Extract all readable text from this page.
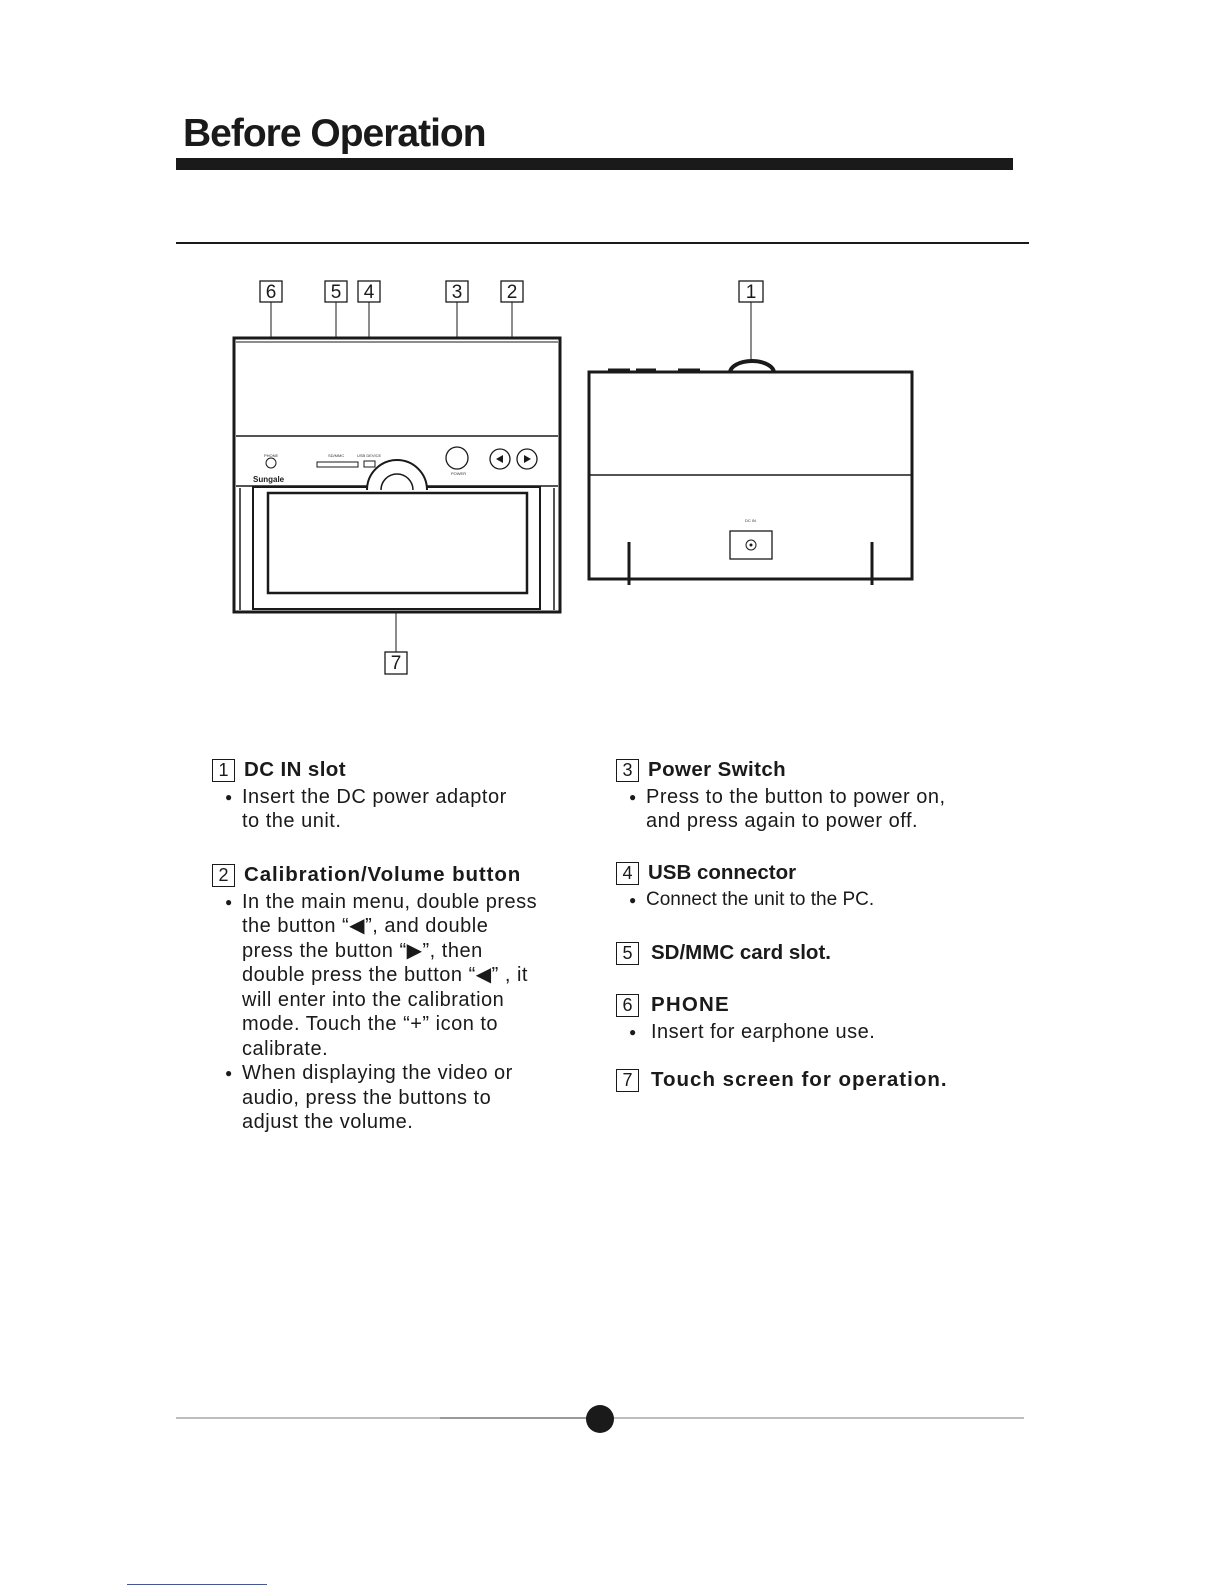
Before Operation
6	5 4	3 2	1
7
PHONE
Sungale
SD/MMC	USB DEVICE
POWER
DC IN
1 DC IN slot
● Insert the DC power adaptor
to the unit.
2 Calibration/Volume button
● In the main menu, double press
the button “◀”, and double
press the button “▶”, then
double press the button “◀” , it
will enter into the calibration
mode. Touch the “+” icon to
calibrate.
● When displaying the video or
audio, press the buttons to
adjust the volume.
3 Power Switch
● Press to the button to power on,
and press again to power off.
4 USB connector
● Connect the unit to the PC.
5 SD/MMC card slot.
6 PHONE
● Insert for earphone use.
7 Touch screen for operation.
